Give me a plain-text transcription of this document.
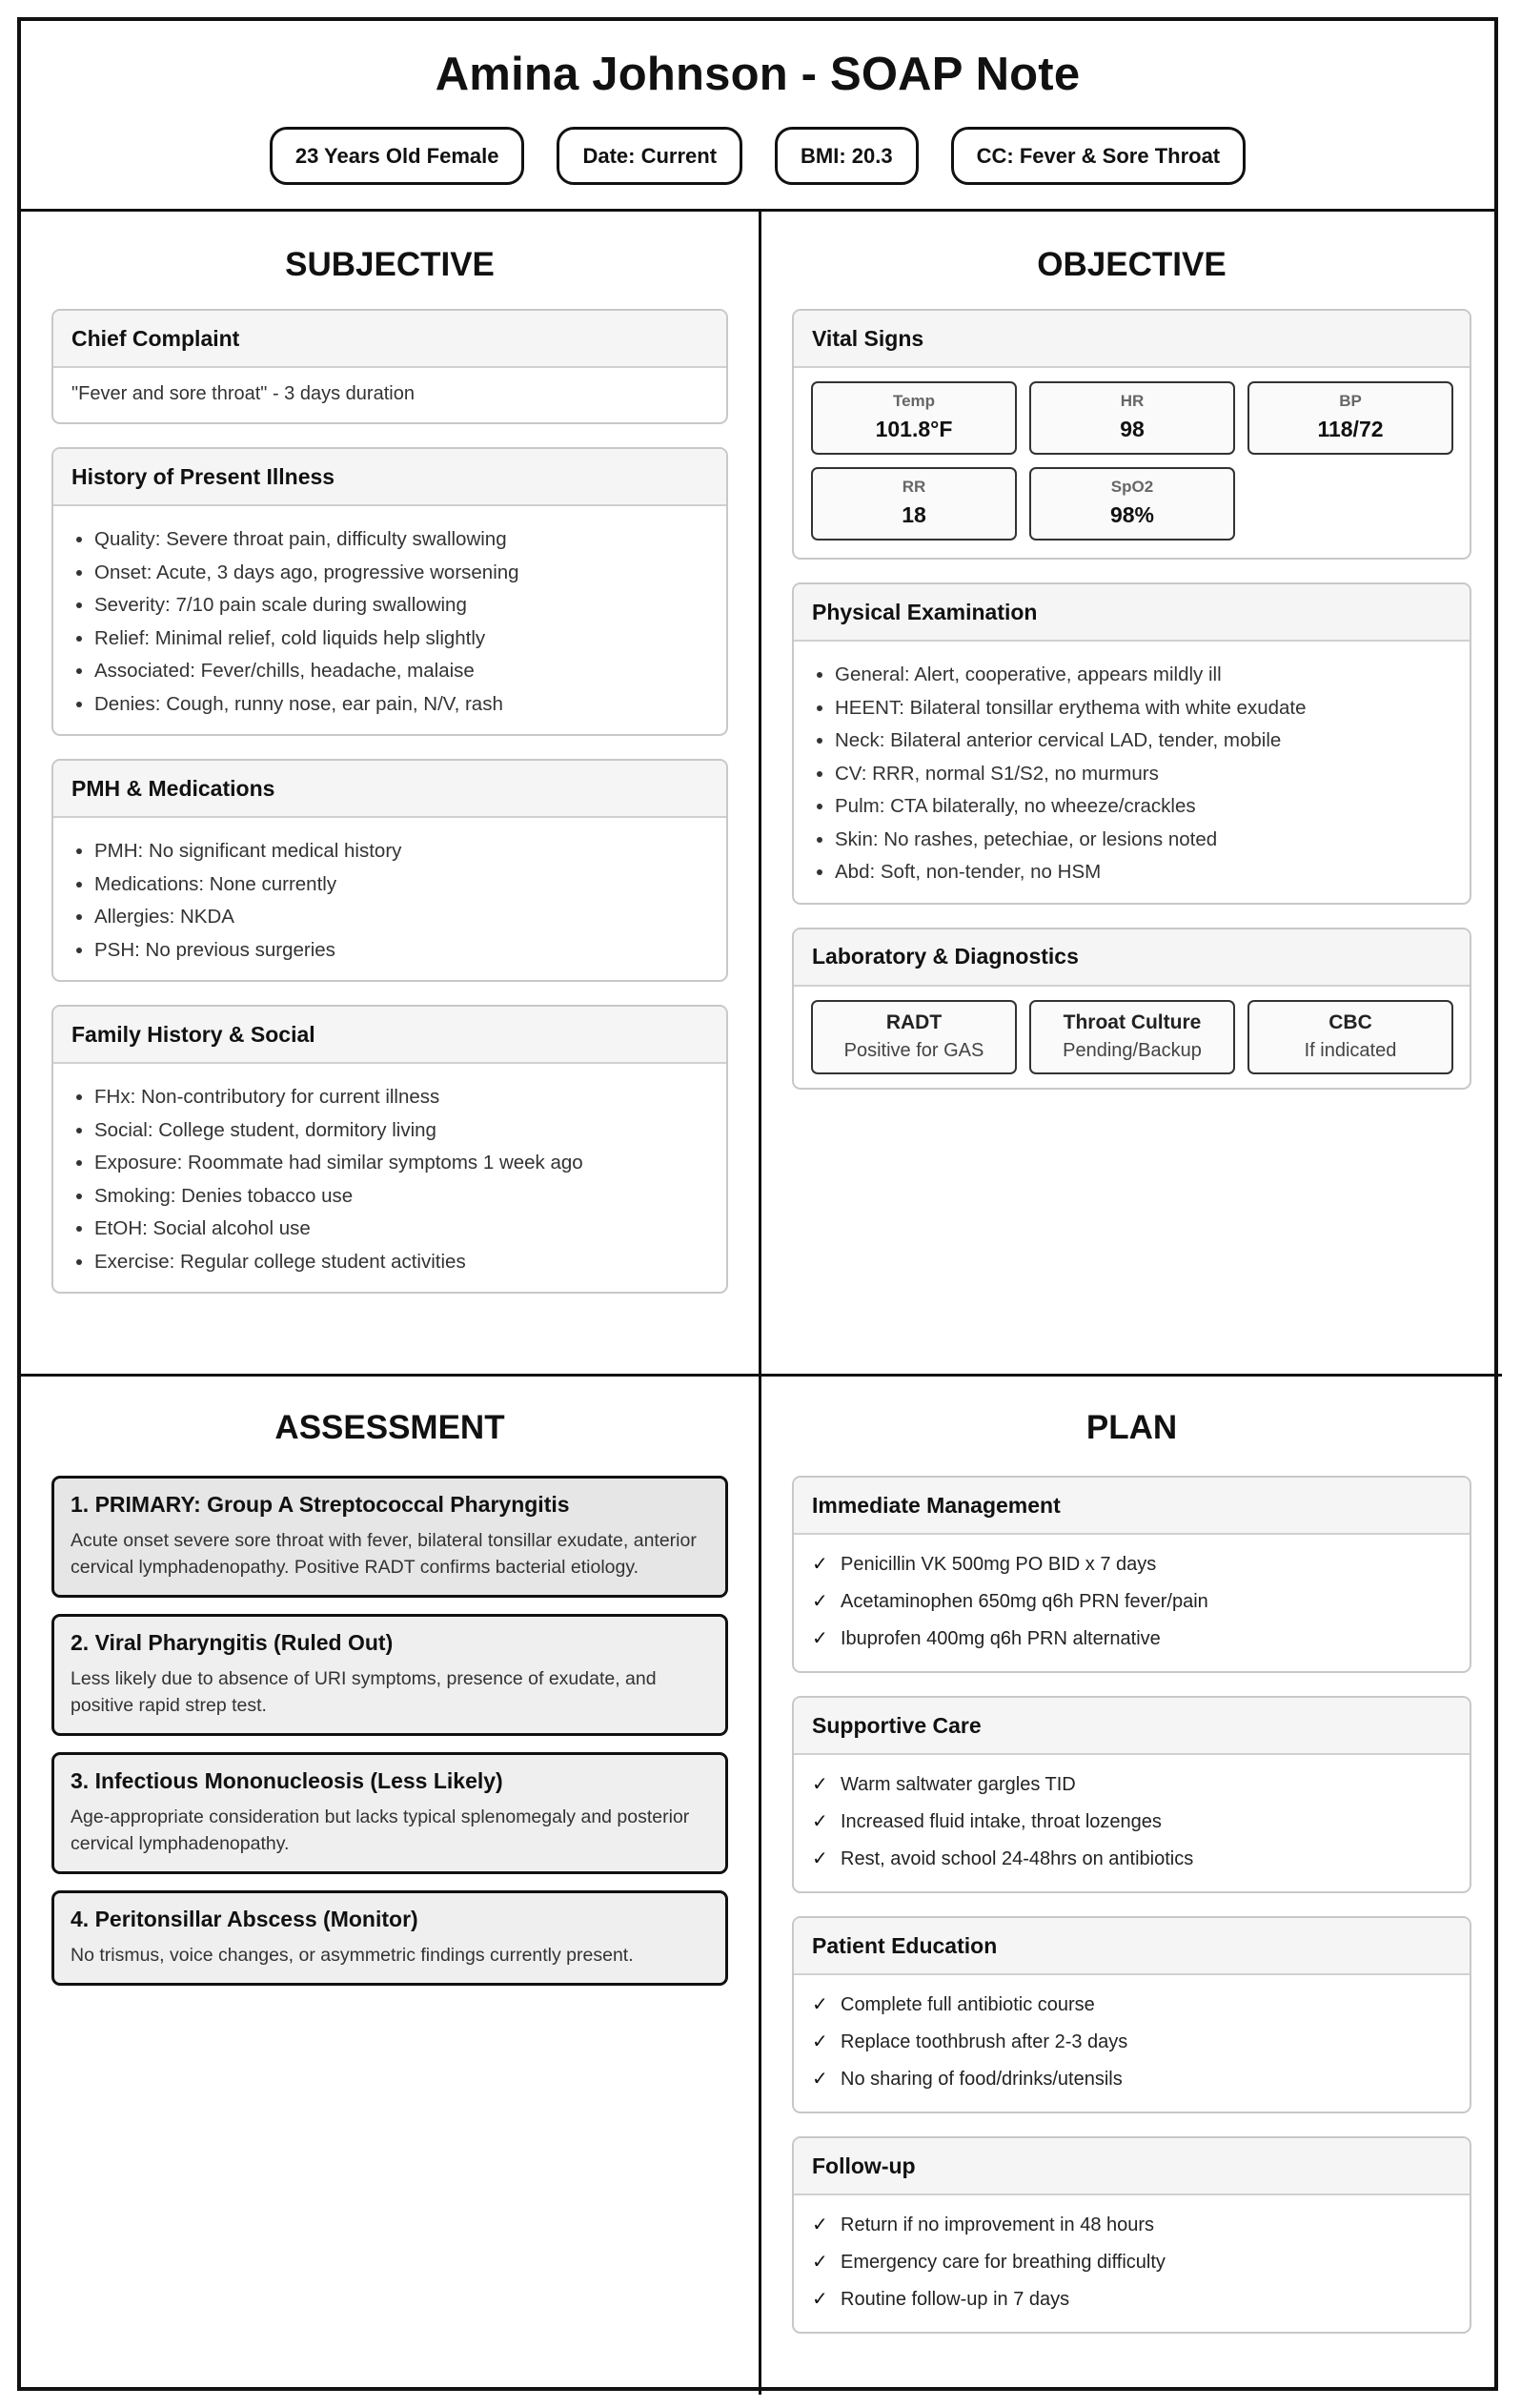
Amina Johnson - SOAP Note
23 Years Old Female	Date: Current	BMI: 20.3	CC: Fever & Sore Throat
SUBJECTIVE
Chief Complaint
"Fever and sore throat" - 3 days duration
History of Present Illness
• Quality: Severe throat pain, difficulty swallowing
• Onset: Acute, 3 days ago, progressive worsening
• Severity: 7/10 pain scale during swallowing
• Relief: Minimal relief, cold liquids help slightly
• Associated: Fever/chills, headache, malaise
• Denies: Cough, runny nose, ear pain, N/V, rash
PMH & Medications
• PMH: No significant medical history
• Medications: None currently
• Allergies: NKDA
• PSH: No previous surgeries
Family History & Social
• FHx: Non-contributory for current illness
• Social: College student, dormitory living
• Exposure: Roommate had similar symptoms 1 week ago
• Smoking: Denies tobacco use
• EtOH: Social alcohol use
• Exercise: Regular college student activities
OBJECTIVE
Vital Signs
Temp
101.8°F
HR
98
BP
118/72
RR
18
SpO2
98%
Physical Examination
• General: Alert, cooperative, appears mildly ill
• HEENT: Bilateral tonsillar erythema with white exudate
• Neck: Bilateral anterior cervical LAD, tender, mobile
• CV: RRR, normal S1/S2, no murmurs
• Pulm: CTA bilaterally, no wheeze/crackles
• Skin: No rashes, petechiae, or lesions noted
• Abd: Soft, non-tender, no HSM
Laboratory & Diagnostics
RADT
Positive for GAS
Throat Culture
Pending/Backup
CBC
If indicated
ASSESSMENT
1. PRIMARY: Group A Streptococcal Pharyngitis
Acute onset severe sore throat with fever, bilateral tonsillar exudate, anterior cervical lymphadenopathy. Positive RADT confirms bacterial etiology.
2. Viral Pharyngitis (Ruled Out)
Less likely due to absence of URI symptoms, presence of exudate, and positive rapid strep test.
3. Infectious Mononucleosis (Less Likely)
Age-appropriate consideration but lacks typical splenomegaly and posterior cervical lymphadenopathy.
4. Peritonsillar Abscess (Monitor)
No trismus, voice changes, or asymmetric findings currently present.
PLAN
Immediate Management
✓ Penicillin VK 500mg PO BID x 7 days
✓ Acetaminophen 650mg q6h PRN fever/pain
✓ Ibuprofen 400mg q6h PRN alternative
Supportive Care
✓ Warm saltwater gargles TID
✓ Increased fluid intake, throat lozenges
✓ Rest, avoid school 24-48hrs on antibiotics
Patient Education
✓ Complete full antibiotic course
✓ Replace toothbrush after 2-3 days
✓ No sharing of food/drinks/utensils
Follow-up
✓ Return if no improvement in 48 hours
✓ Emergency care for breathing difficulty
✓ Routine follow-up in 7 days
